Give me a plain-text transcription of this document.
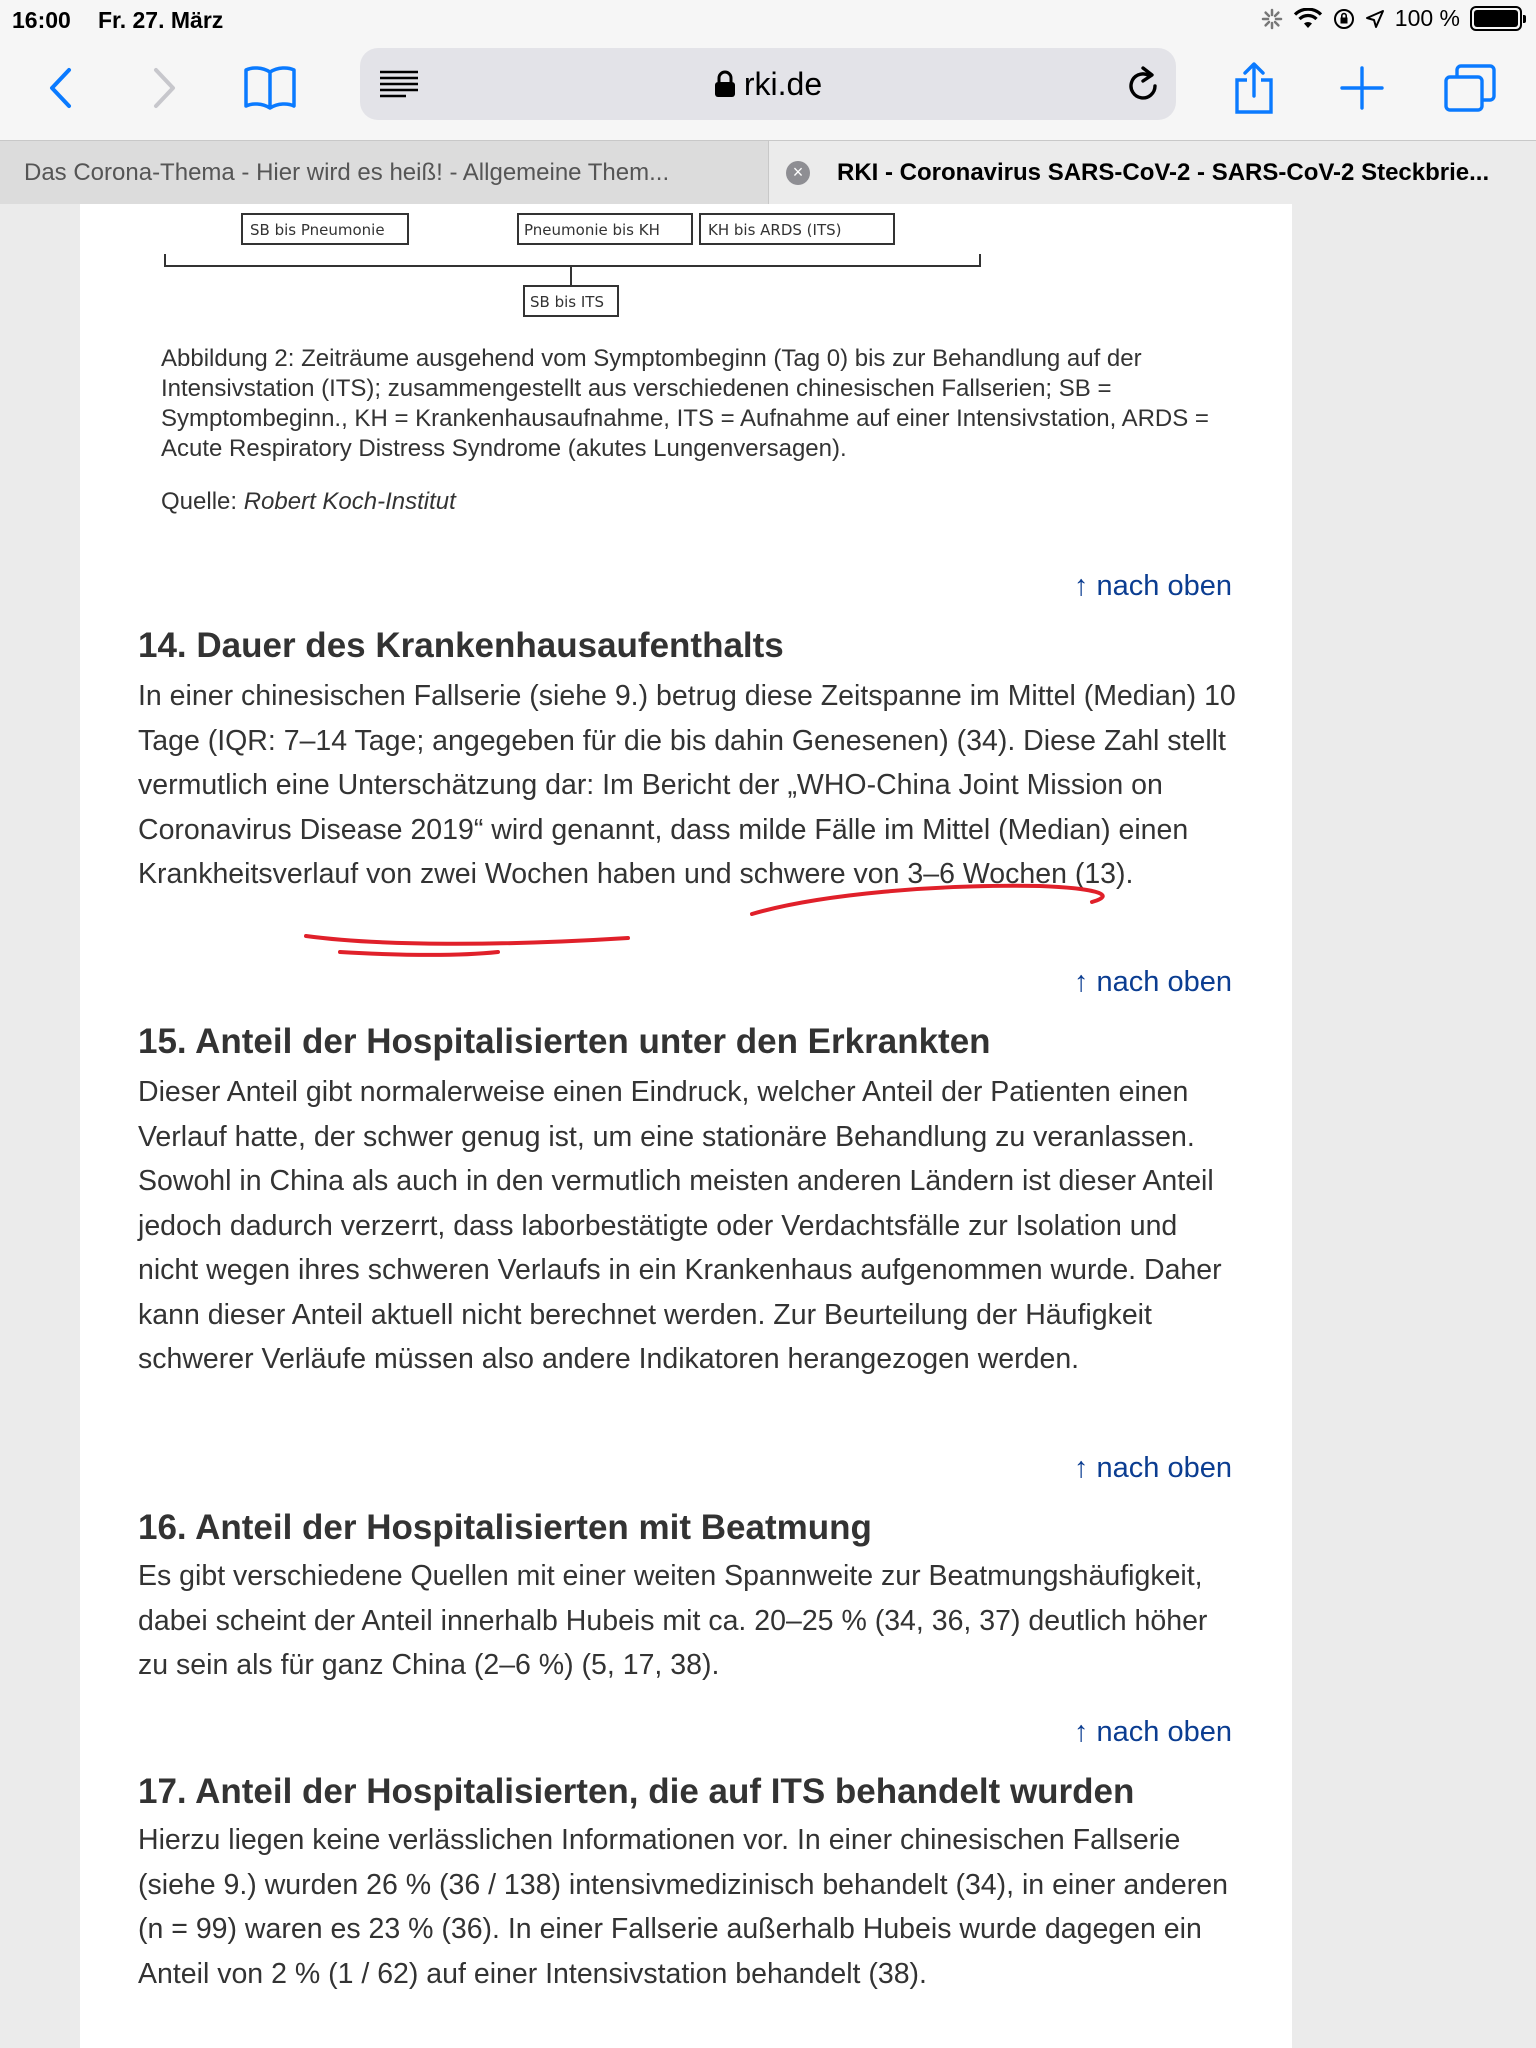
16:00 Fr. 27. März	100 %
rki.de
Das Corona-Thema - Hier wird es heiß! - Allgemeine Them...	RKI - Coronavirus SARS-CoV-2 - SARS-CoV-2 Steckbrie...
×
SB bis Pneumonie	Pneumonie bis KH	KH bis ARDS (ITS)
SB bis ITS
Abbildung 2: Zeiträume ausgehend vom Symptombeginn (Tag 0) bis zur Behandlung auf der Intensivstation (ITS); zusammengestellt aus verschiedenen chinesischen Fallserien; SB = Symptombeginn., KH = Krankenhausaufnahme, ITS = Aufnahme auf einer Intensivstation, ARDS = Acute Respiratory Distress Syndrome (akutes Lungenversagen).
Quelle: Robert Koch-Institut
↑ nach oben
14. Dauer des Krankenhausaufenthalts
In einer chinesischen Fallserie (siehe 9.) betrug diese Zeitspanne im Mittel (Median) 10 Tage (IQR: 7–14 Tage; angegeben für die bis dahin Genesenen) (34). Diese Zahl stellt vermutlich eine Unterschätzung dar: Im Bericht der „WHO-China Joint Mission on Coronavirus Disease 2019“ wird genannt, dass milde Fälle im Mittel (Median) einen Krankheitsverlauf von zwei Wochen haben und schwere von 3–6 Wochen (13).
↑ nach oben
15. Anteil der Hospitalisierten unter den Erkrankten
Dieser Anteil gibt normalerweise einen Eindruck, welcher Anteil der Patienten einen Verlauf hatte, der schwer genug ist, um eine stationäre Behandlung zu veranlassen. Sowohl in China als auch in den vermutlich meisten anderen Ländern ist dieser Anteil jedoch dadurch verzerrt, dass laborbestätigte oder Verdachtsfälle zur Isolation und nicht wegen ihres schweren Verlaufs in ein Krankenhaus aufgenommen wurde. Daher kann dieser Anteil aktuell nicht berechnet werden. Zur Beurteilung der Häufigkeit schwerer Verläufe müssen also andere Indikatoren herangezogen werden.
↑ nach oben
16. Anteil der Hospitalisierten mit Beatmung
Es gibt verschiedene Quellen mit einer weiten Spannweite zur Beatmungshäufigkeit, dabei scheint der Anteil innerhalb Hubeis mit ca. 20–25 % (34, 36, 37) deutlich höher zu sein als für ganz China (2–6 %) (5, 17, 38).
↑ nach oben
17. Anteil der Hospitalisierten, die auf ITS behandelt wurden
Hierzu liegen keine verlässlichen Informationen vor. In einer chinesischen Fallserie (siehe 9.) wurden 26 % (36 / 138) intensivmedizinisch behandelt (34), in einer anderen (n = 99) waren es 23 % (36). In einer Fallserie außerhalb Hubeis wurde dagegen ein Anteil von 2 % (1 / 62) auf einer Intensivstation behandelt (38).
